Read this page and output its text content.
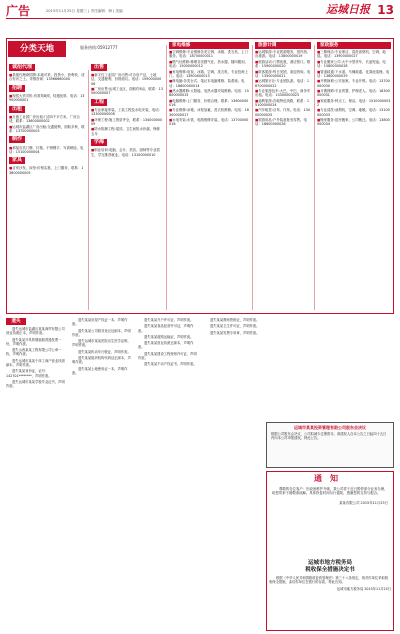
广告	2015年11月25日 星期三 | 责任编辑：韩 | 美编	运城日报 13
分类天地	服务热线:05912777
诚招代理
■县级代理商招聘:本地可采、投资小、获利快，适合有识之士。详情咨询：13566660000
招聘
■现招大货司机:有准驾B照，待遇优厚，电话：13900000001
出租
■万盛工业园厂房出租:门面3千平方米，厂房合适，联系：13600000002
■运城市盐湖区厂房出租:交通便利，面积多种，联系：13700000003
制作
■承接各类门牌、灯箱、不锈钢字、写真喷绘，电话：15100000004
家具
■百家沙发、床垫:价格实惠，上门服务，联系：13800000005
出售
■新宇住工业园厂房出售:可办房产证，土地证，交通便利，价格面议。电话：15900000006
■厂房出售:运城工业区，面积约8亩，联系：13500000007
工程
■专业承接家装、工装工程及水电安装，电话：13300000008
■环保工程:施工资质齐全，联系：13400000009
■防水防潮工程:屋顶、卫生间防水补漏，保修五年
学海
■职业培训:电脑、会计、美容、厨师等专业招生，学完推荐就业。电话：13100000010
家电维修
■空调维修:专业维修各类空调、冰箱、洗衣机，上门服务。电话：18700000011
■燃气灶维修:修理各类燃气灶、热水器，随叫随到。电话：15000000012
■家电维修:电视、冰箱、空调、洗衣机，专业技师上门。电话：13900000013
■修电脑:各类台式、笔记本电脑维修、装系统。电话：18600000014
■热水器维修:太阳能、电热水器安装维修。电话：15800000015
■电脑维修:上门服务，价格合理，联系：13600000016
■专业维修:冰箱、冰柜加氟，洗衣机维修。电话：18300000017
■水电安装:水管、电路维修安装。电话：13700000018
旅游计调
■运城旅游:专业旅游服务，国内游、出境游。电话：13800000019
■旅游活动:门票优惠，酒店预订。联系：15900000020
■散客旅游:每日发团，欢迎咨询。电话：13500000021
■运城旅行社:专业团队游。电话：18700000022
■专业旅游包车:大巴、中巴、商务车出租。电话：13300000023
■福利旅游:各地特色线路，联系：15100000024
■汽车租赁:自驾、代驾。电话：13400000025
■旅游用品:户外装备批发零售。电话：18600000026
家政服务
■三鼎保洁:专业保洁，清洗油烟机、空调、地毯。电话：13900000027
■专业搬家公司:大中小型货车，长途短途。电话：15800000028
■管道疏通:下水道、马桶疏通、化粪池清理。电话：13600000029
■开锁换锁:公安备案，专业开锁。电话：13700000030
■月嫂保姆:专业育婴、护理老人。电话：18300000031
■家政服务:钟点工、保洁。电话：15100000032
■专业清洗:油烟机、空调、地暖。电话：13100000033
■搬家服务:居民搬家、公司搬迁。电话：13800000034
遗失

遗失运城市盐湖区某某商贸有限公司营业执照正本，声明作废。

遗失某某开具的增值税普通发票一份，声明作废。

遗失山西某某工程有限公司公章一枚，声明作废。

遗失运城市某某个体工商户营业执照副本，声明作废。

遗失某某身份证，证号：142701********，声明作废。

遗失运城市某某学校毕业证书，声明作废。

遗失某某房屋产权证一本，声明作废。

遗失某某公司税务登记证副本，声明作废。

遗失运城市某某医院出生医学证明，声明作废。

遗失某某机动车行驶证，声明作废。

遗失某某组织机构代码证正副本，声明作废。

遗失某某土地使用证一本，声明作废。

遗失某某开户许可证，声明作废。

遗失某某食品经营许可证，声明作废。

遗失某某道路运输证，声明作废。

遗失某某营业执照正副本，声明作废。

遗失某某建设工程规划许可证，声明作废。

遗失某某不动产权证书，声明作废。

遗失某某教师资格证，声明作废。

遗失某某卫生许可证，声明作废。

遗失某某发票专用章，声明作废。

运城市某某投资管理有限公司股东会决议

根据公司股东会决议，公司拟减少注册资本，请债权人自本公告之日起四十五日内向本公司申报债权。特此公告。

通知

尊敬的各位客户：因设备维护升级，我公司将于近日暂停部分业务办理，给您带来不便敬请谅解。具体恢复时间另行通知，感谢您的支持与配合。

某某有限公司 2015年11月25日

运城市地方税务局
税收保全措施决定书

根据《中华人民共和国税收征收管理法》第三十八条规定，现对你单位采取税收保全措施，冻结你单位在银行的存款，特此告知。

运城市地方税务局 2015年11月25日
